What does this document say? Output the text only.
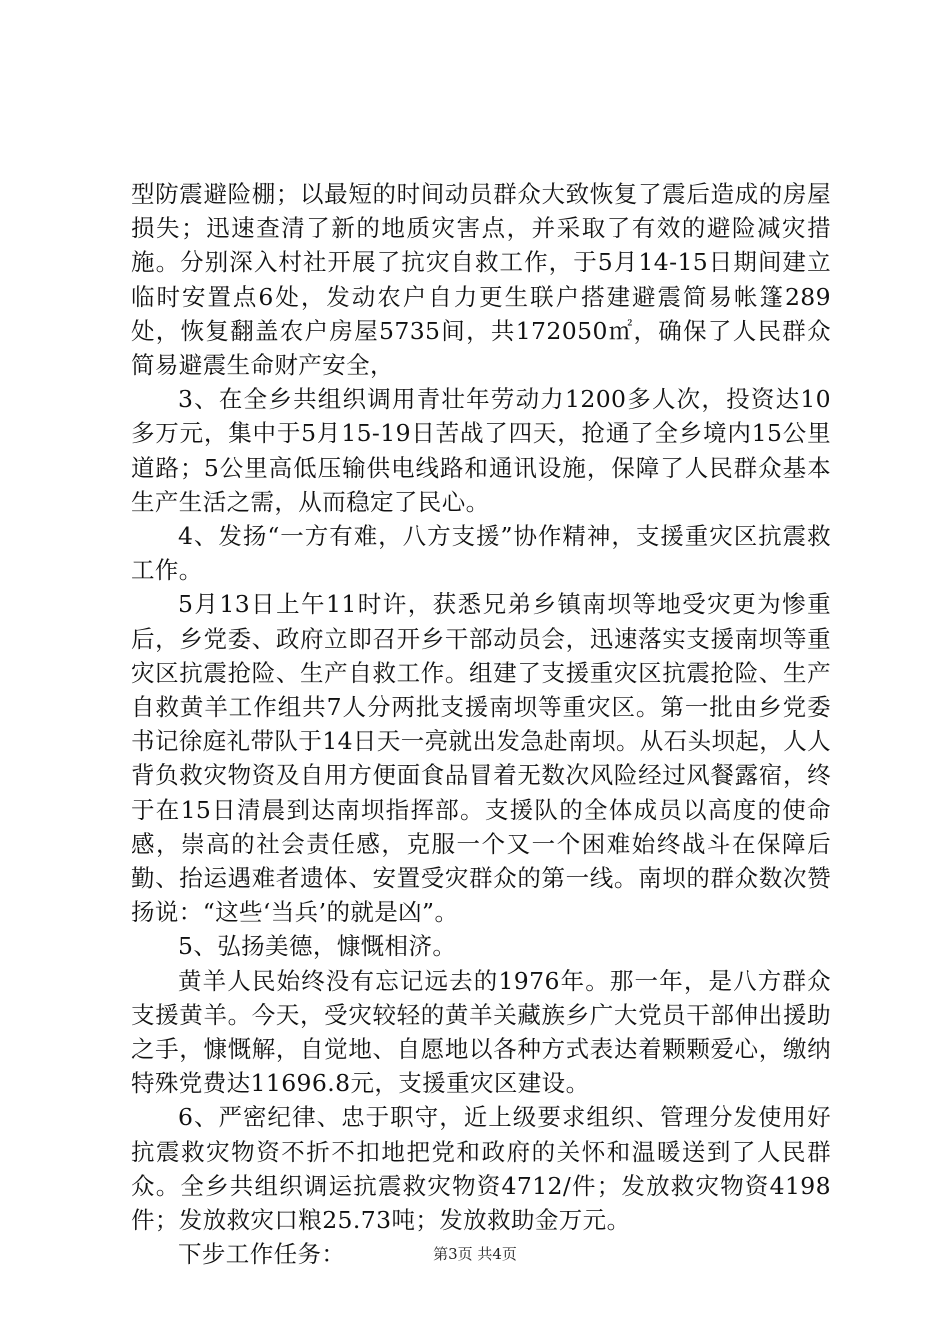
型防震避险棚；以最短的时间动员群众大致恢复了震后造成的房屋损失；迅速查清了新的地质灾害点，并采取了有效的避险减灾措施。分别深入村社开展了抗灾自救工作，于5月14-15日期间建立临时安置点6处，发动农户自力更生联户搭建避震简易帐篷289处，恢复翻盖农户房屋5735间，共172050㎡，确保了人民群众简易避震生命财产安全，

3、在全乡共组织调用青壮年劳动力1200多人次，投资达10多万元，集中于5月15-19日苦战了四天，抢通了全乡境内15公里道路；5公里高低压输供电线路和通讯设施，保障了人民群众基本生产生活之需，从而稳定了民心。

4、发扬“一方有难，八方支援”协作精神，支援重灾区抗震救工作。

5月13日上午11时许，获悉兄弟乡镇南坝等地受灾更为惨重后，乡党委、政府立即召开乡干部动员会，迅速落实支援南坝等重灾区抗震抢险、生产自救工作。组建了支援重灾区抗震抢险、生产自救黄羊工作组共7人分两批支援南坝等重灾区。第一批由乡党委书记徐庭礼带队于14日天一亮就出发急赴南坝。从石头坝起，人人背负救灾物资及自用方便面食品冒着无数次风险经过风餐露宿，终于在15日清晨到达南坝指挥部。支援队的全体成员以高度的使命感，崇高的社会责任感，克服一个又一个困难始终战斗在保障后勤、抬运遇难者遗体、安置受灾群众的第一线。南坝的群众数次赞扬说：“这些‘当兵’的就是凶”。

5、弘扬美德，慷慨相济。

黄羊人民始终没有忘记远去的1976年。那一年，是八方群众支援黄羊。今天，受灾较轻的黄羊关藏族乡广大党员干部伸出援助之手，慷慨解，自觉地、自愿地以各种方式表达着颗颗爱心，缴纳特殊党费达11696.8元，支援重灾区建设。

6、严密纪律、忠于职守，近上级要求组织、管理分发使用好抗震救灾物资不折不扣地把党和政府的关怀和温暖送到了人民群众。全乡共组织调运抗震救灾物资4712/件；发放救灾物资4198件；发放救灾口粮25.73吨；发放救助金万元。

下步工作任务：	第3页 共4页
